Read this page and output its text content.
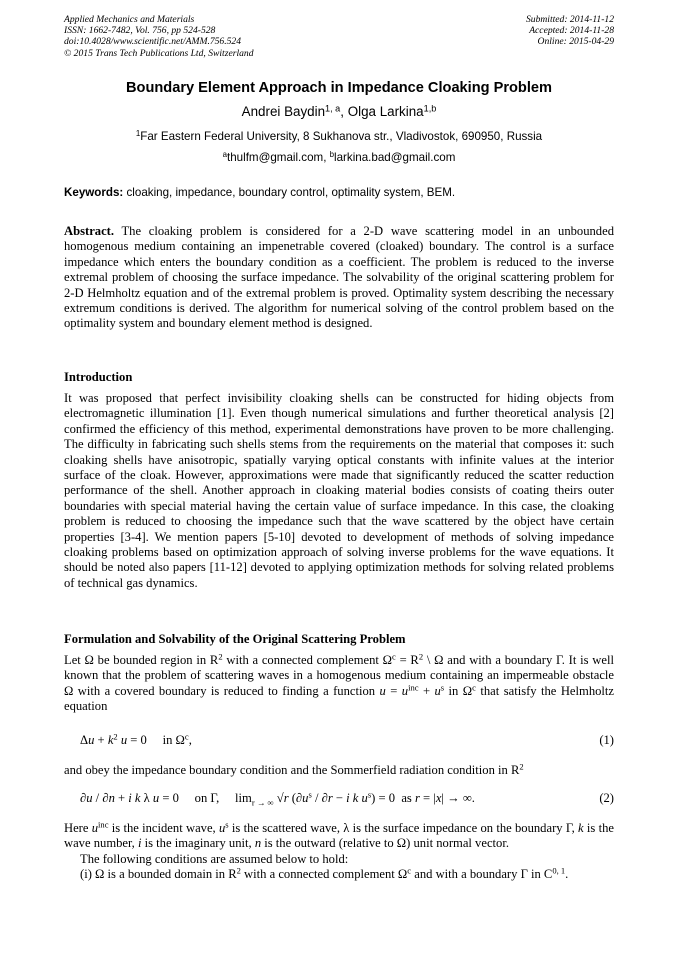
Applied Mechanics and Materials
ISSN: 1662-7482, Vol. 756, pp 524-528
doi:10.4028/www.scientific.net/AMM.756.524
© 2015 Trans Tech Publications Ltd, Switzerland
Submitted: 2014-11-12
Accepted: 2014-11-28
Online: 2015-04-29
Boundary Element Approach in Impedance Cloaking Problem
Andrei Baydin$^{1, a}$, Olga Larkina$^{1,b}$
$^1$Far Eastern Federal University, 8 Sukhanova str., Vladivostok, 690950, Russia
$^a$thulfm@gmail.com, $^b$larkina.bad@gmail.com
Keywords: cloaking, impedance, boundary control, optimality system, BEM.
Abstract. The cloaking problem is considered for a 2-D wave scattering model in an unbounded homogenous medium containing an impenetrable covered (cloaked) boundary. The control is a surface impedance which enters the boundary condition as a coefficient. The problem is reduced to the inverse extremal problem of choosing the surface impedance. The solvability of the original scattering problem for 2-D Helmholtz equation and of the extremal problem is proved. Optimality system describing the necessary extremum conditions is derived. The algorithm for numerical solving of the control problem based on the optimality system and boundary element method is designed.
Introduction
It was proposed that perfect invisibility cloaking shells can be constructed for hiding objects from electromagnetic illumination [1]. Even though numerical simulations and further theoretical analysis [2] confirmed the efficiency of this method, experimental demonstrations have proven to be more challenging. The difficulty in fabricating such shells stems from the requirements on the material that composes it: such cloaking shells have anisotropic, spatially varying optical constants with infinite values at the interior surface of the cloak. However, approximations were made that significantly reduced the scatter reduction performance of the shell. Another approach in cloaking material bodies consists of coating theirs outer boundaries with special material having the certain value of surface impedance. In this case, the cloaking problem is reduced to choosing the impedance such that the wave scattered by the object have certain properties [3-4]. We mention papers [5-10] devoted to development of methods of solving impedance cloaking problems based on optimization approach of solving inverse problems for the wave equations. It should be noted also papers [11-12] devoted to applying optimization methods for solving related problems of technical gas dynamics.
Formulation and Solvability of the Original Scattering Problem
Let Ω be bounded region in $R^2$ with a connected complement $\Omega^c = R^2$ \ Ω and with a boundary Γ. It is well known that the problem of scattering waves in a homogenous medium containing an impermeable obstacle Ω with a covered boundary is reduced to finding a function $u = u^{inc} + u^s$ in $\Omega^c$ that satisfy the Helmholtz equation
$\Delta u + k^2$ u = 0     in $\Omega^c$,	(1)
and obey the impedance boundary condition and the Sommerfield radiation condition in $R^2$
∂u / ∂n + i k λ u = 0     on Γ,     $\lim_{r \to \infty} √r$ ($\partial u^s / \partial r - i$ k $u^s) = 0$  as r = |x| → ∞.	(2)
Here $u^{inc}$ is the incident wave, $u^s$ is the scattered wave, λ is the surface impedance on the boundary Γ, k is the wave number, i is the imaginary unit, n is the outward (relative to Ω) unit normal vector.
The following conditions are assumed below to hold:
(i) Ω is a bounded domain in $R^2$ with a connected complement $\Omega^c$ and with a boundary Γ in C$^{0, 1}$.
